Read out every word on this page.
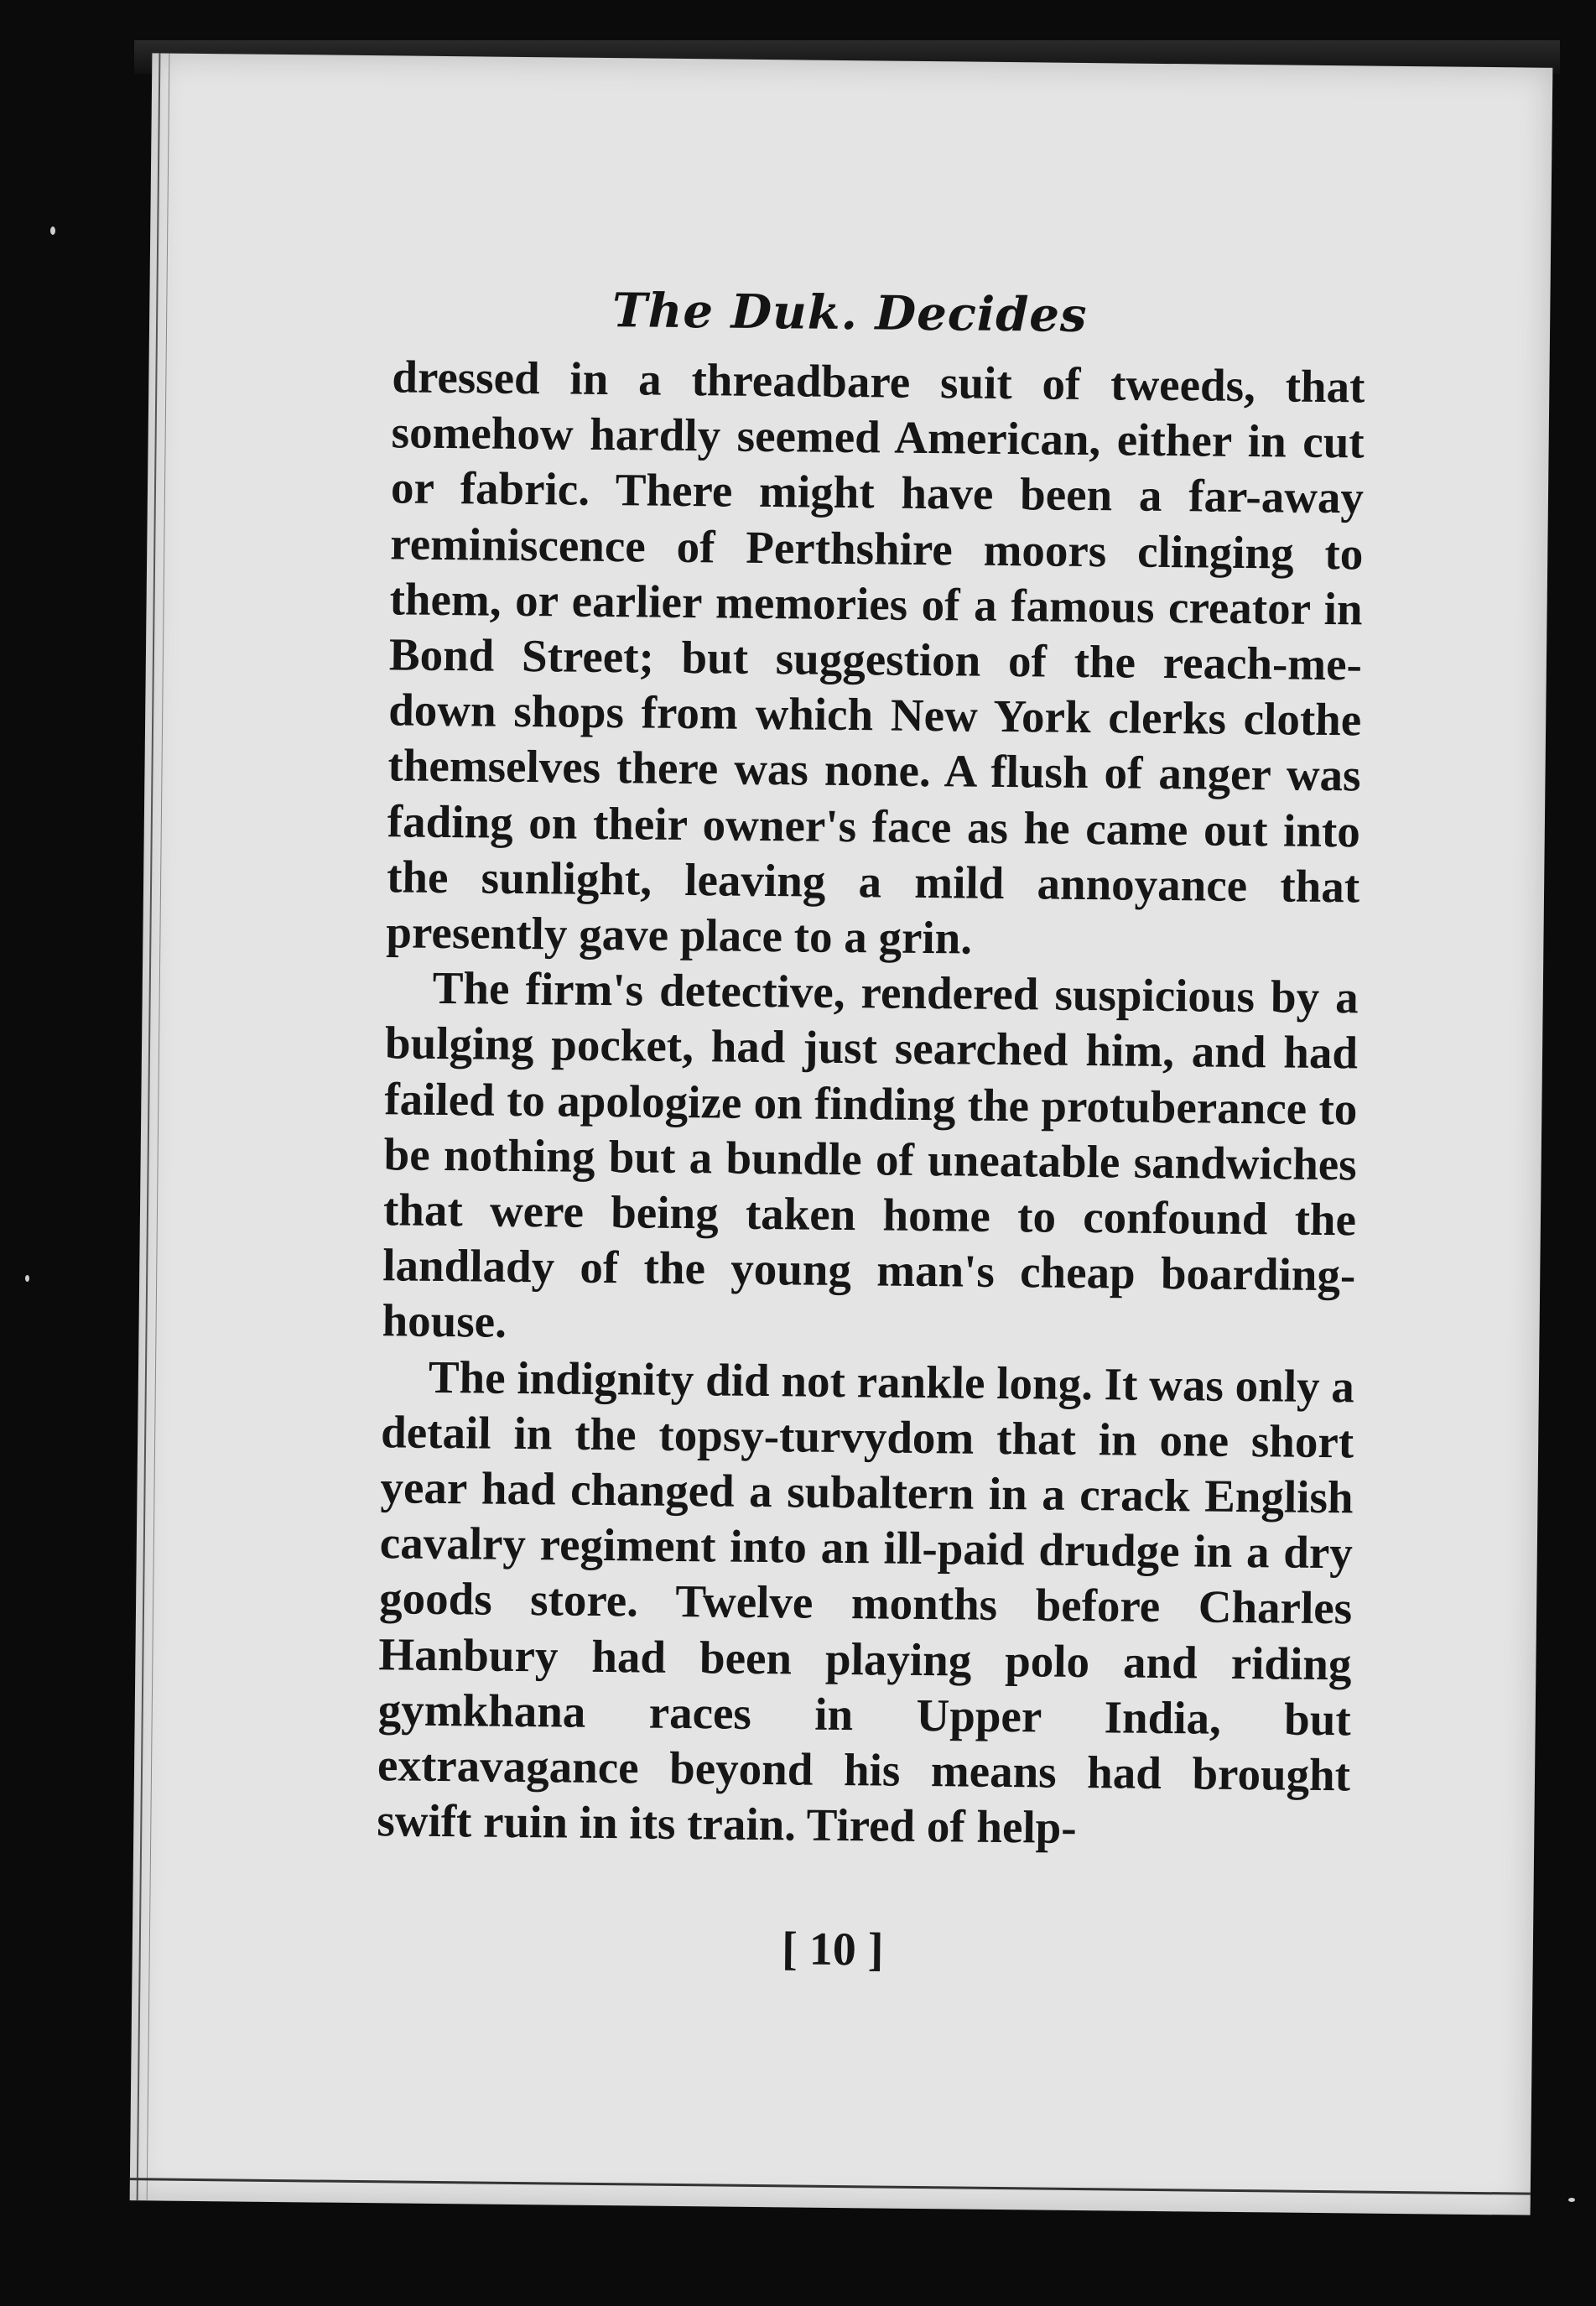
The Duk. Decides

dressed in a threadbare suit of tweeds, that somehow hardly seemed American, either in cut or fabric. There might have been a far-away reminiscence of Perthshire moors clinging to them, or earlier memories of a famous creator in Bond Street; but suggestion of the reach-me-down shops from which New York clerks clothe themselves there was none. A flush of anger was fading on their owner's face as he came out into the sunlight, leaving a mild annoyance that presently gave place to a grin.

The firm's detective, rendered suspicious by a bulging pocket, had just searched him, and had failed to apologize on finding the protuberance to be nothing but a bundle of uneatable sandwiches that were being taken home to confound the landlady of the young man's cheap boarding-house.

The indignity did not rankle long. It was only a detail in the topsy-turvydom that in one short year had changed a subaltern in a crack English cavalry regiment into an ill-paid drudge in a dry goods store. Twelve months before Charles Hanbury had been playing polo and riding gymkhana races in Upper India, but extravagance beyond his means had brought swift ruin in its train. Tired of help-

[ 10 ]
